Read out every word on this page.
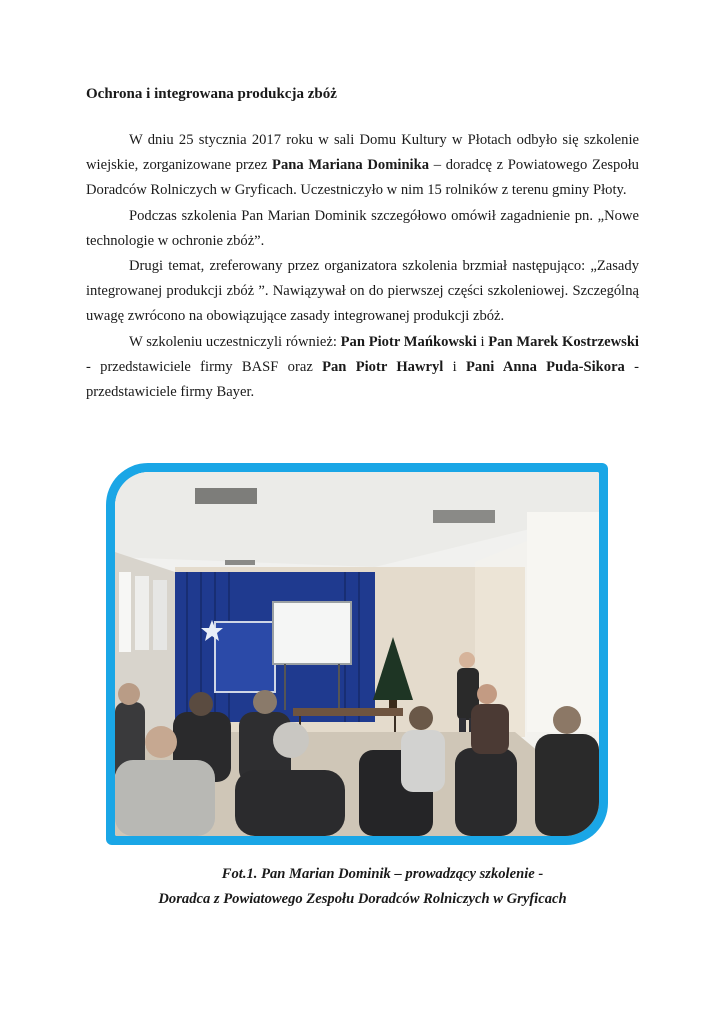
Ochrona i integrowana produkcja zbóż

W dniu 25 stycznia 2017 roku w sali Domu Kultury w Płotach odbyło się szkolenie wiejskie, zorganizowane przez Pana Mariana Dominika – doradcę z Powiatowego Zespołu Doradców Rolniczych w Gryficach. Uczestniczyło w nim 15 rolników z terenu gminy Płoty.

Podczas szkolenia Pan Marian Dominik szczegółowo omówił zagadnienie pn. „Nowe technologie w ochronie zbóż”.

Drugi temat, zreferowany przez organizatora szkolenia brzmiał następująco: „Zasady integrowanej produkcji zbóż ”. Nawiązywał on do pierwszej części szkoleniowej. Szczególną uwagę zwrócono na obowiązujące zasady integrowanej produkcji zbóż.

W szkoleniu uczestniczyli również: Pan Piotr Mańkowski i Pan Marek Kostrzewski - przedstawiciele firmy BASF oraz Pan Piotr Hawryl i Pani Anna Puda-Sikora - przedstawiciele firmy Bayer.

Fot.1. Pan Marian Dominik – prowadzący szkolenie -
Doradca z Powiatowego Zespołu Doradców Rolniczych w Gryficach
